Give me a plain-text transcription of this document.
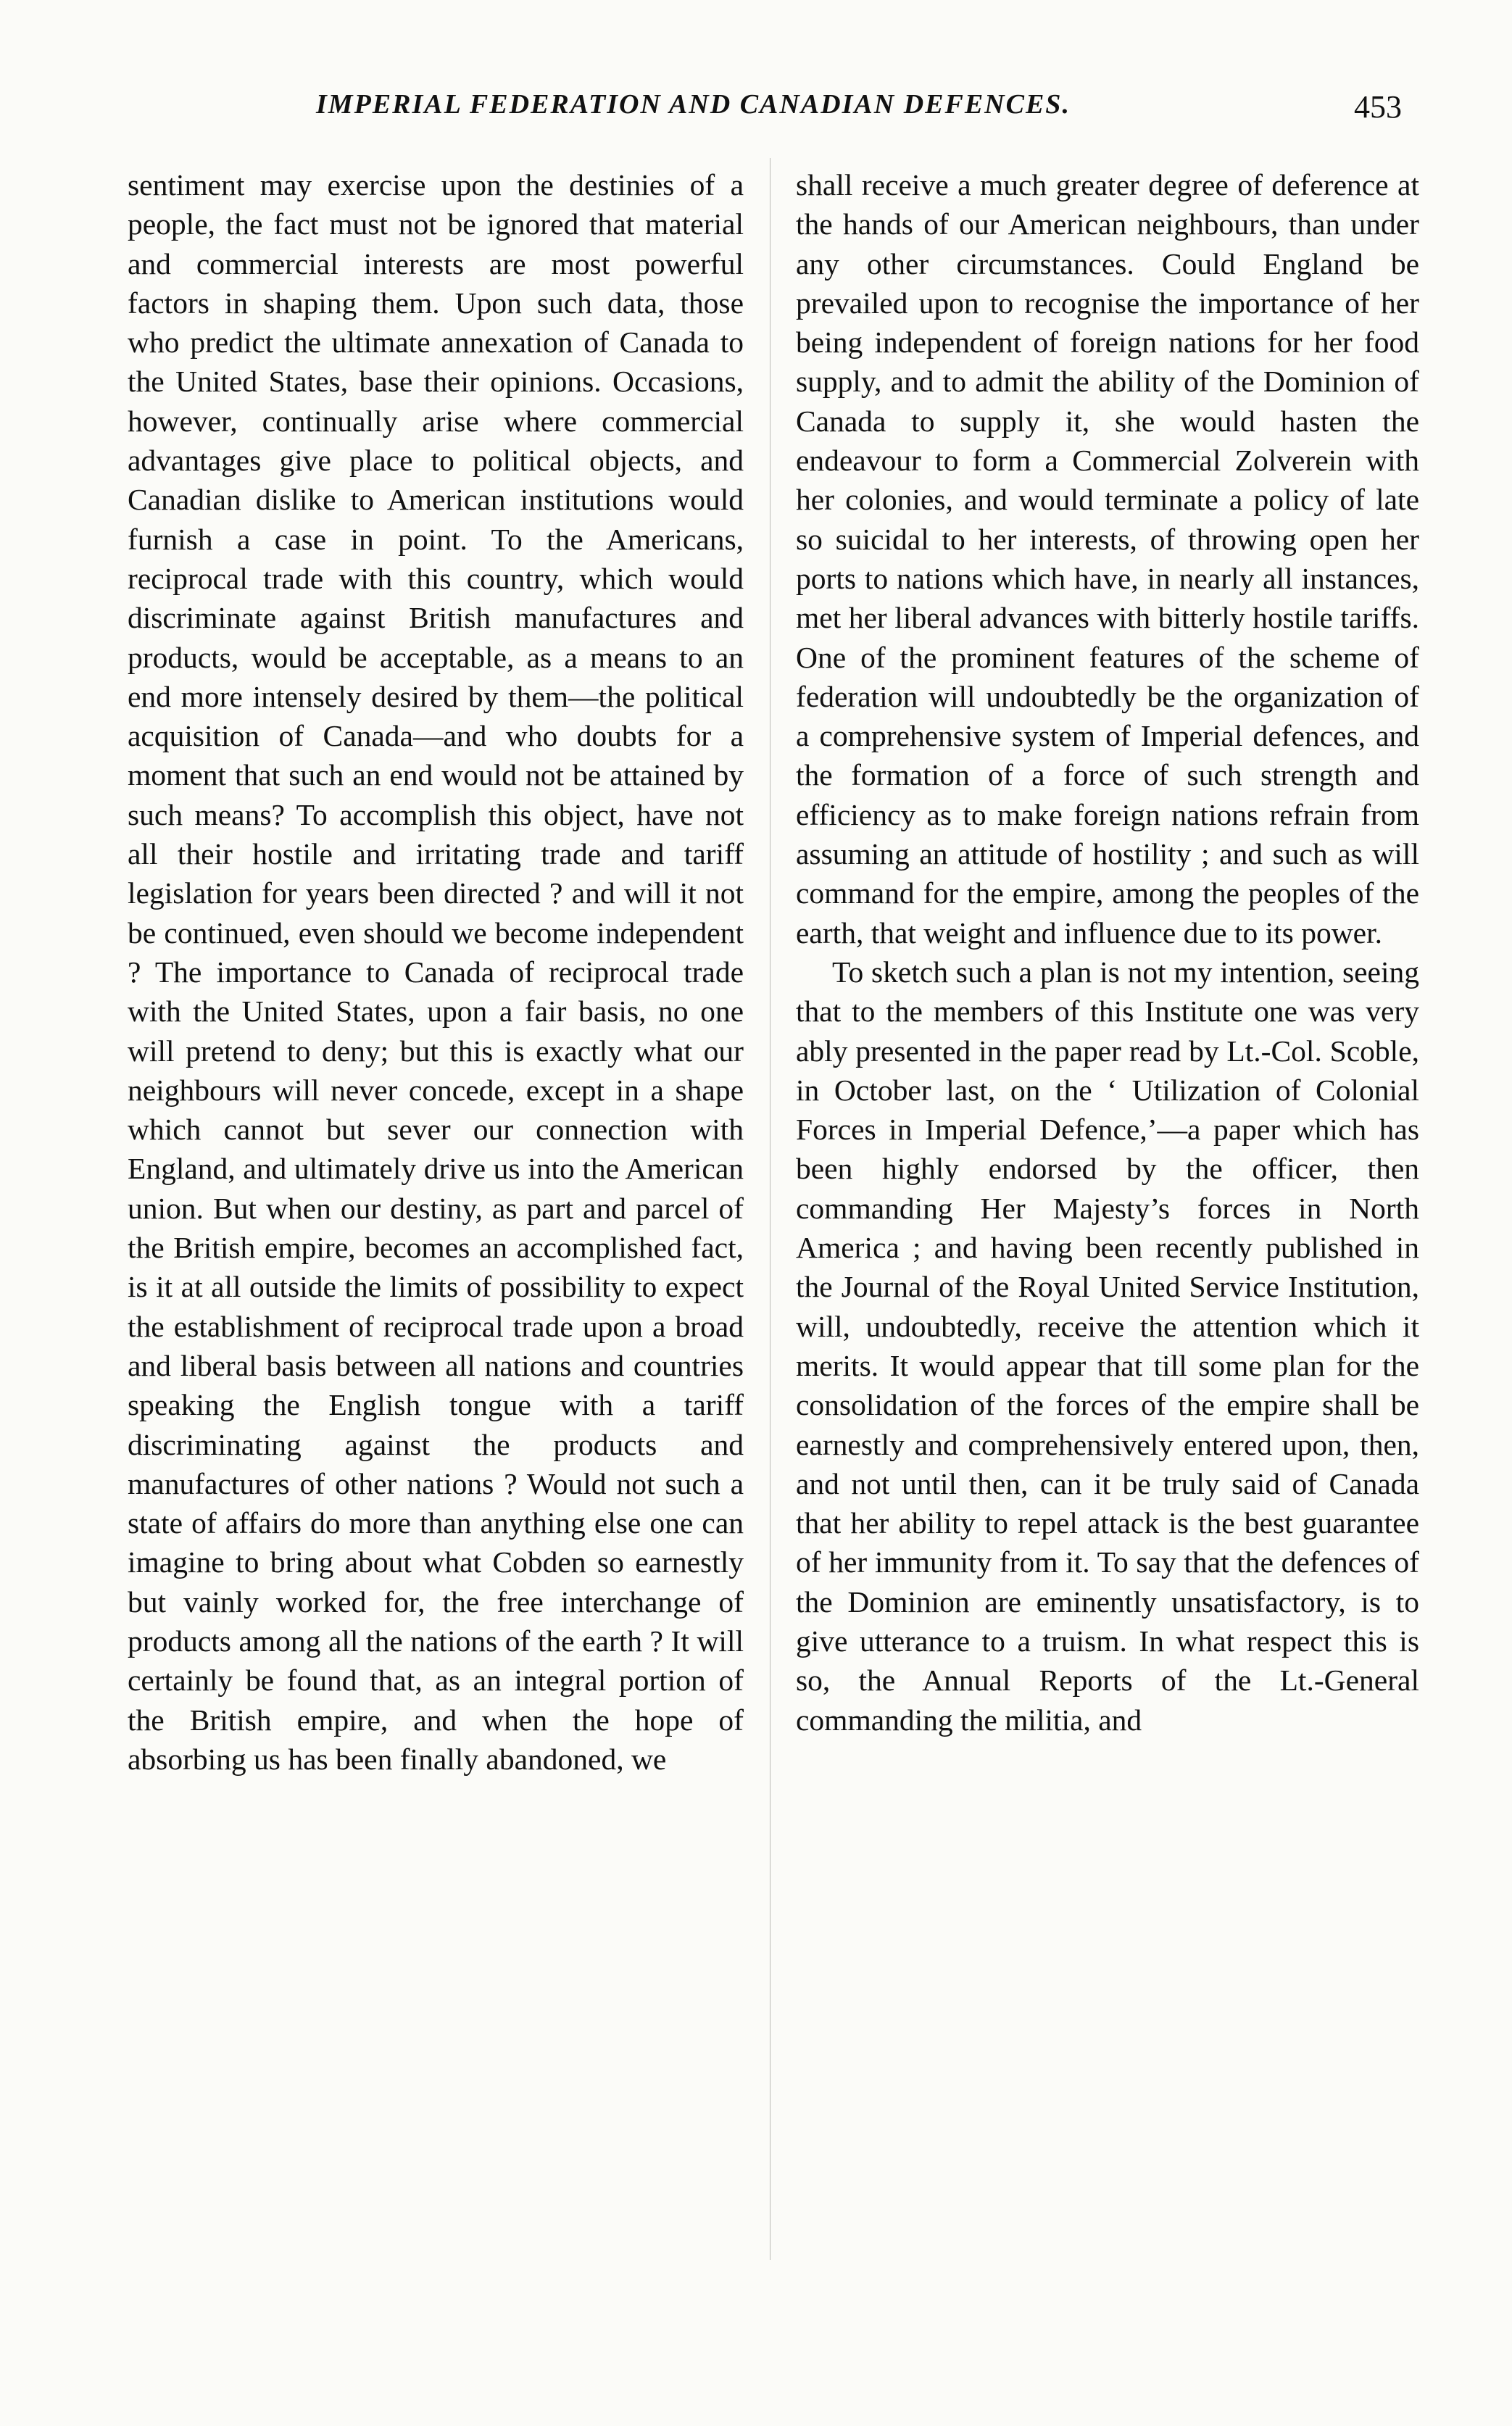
IMPERIAL FEDERATION AND CANADIAN DEFENCES.	453

sentiment may exercise upon the destinies of a people, the fact must not be ignored that material and commercial interests are most powerful factors in shaping them. Upon such data, those who predict the ultimate annexation of Canada to the United States, base their opinions. Occasions, however, continually arise where commercial advantages give place to political objects, and Canadian dislike to American institutions would furnish a case in point. To the Americans, reciprocal trade with this country, which would discriminate against British manufactures and products, would be acceptable, as a means to an end more intensely desired by them—the political acquisition of Canada—and who doubts for a moment that such an end would not be attained by such means? To accomplish this object, have not all their hostile and irritating trade and tariff legislation for years been directed ? and will it not be continued, even should we become independent ? The importance to Canada of reciprocal trade with the United States, upon a fair basis, no one will pretend to deny; but this is exactly what our neighbours will never concede, except in a shape which cannot but sever our connection with England, and ultimately drive us into the American union. But when our destiny, as part and parcel of the British empire, becomes an accomplished fact, is it at all outside the limits of possibility to expect the establishment of reciprocal trade upon a broad and liberal basis between all nations and countries speaking the English tongue with a tariff discriminating against the products and manufactures of other nations ? Would not such a state of affairs do more than anything else one can imagine to bring about what Cobden so earnestly but vainly worked for, the free interchange of products among all the nations of the earth ? It will certainly be found that, as an integral portion of the British empire, and when the hope of absorbing us has been finally abandoned, we

shall receive a much greater degree of deference at the hands of our American neighbours, than under any other circumstances. Could England be prevailed upon to recognise the importance of her being independent of foreign nations for her food supply, and to admit the ability of the Dominion of Canada to supply it, she would hasten the endeavour to form a Commercial Zolverein with her colonies, and would terminate a policy of late so suicidal to her interests, of throwing open her ports to nations which have, in nearly all instances, met her liberal advances with bitterly hostile tariffs. One of the prominent features of the scheme of federation will undoubtedly be the organization of a comprehensive system of Imperial defences, and the formation of a force of such strength and efficiency as to make foreign nations refrain from assuming an attitude of hostility ; and such as will command for the empire, among the peoples of the earth, that weight and influence due to its power.

To sketch such a plan is not my intention, seeing that to the members of this Institute one was very ably presented in the paper read by Lt.-Col. Scoble, in October last, on the ‘ Utilization of Colonial Forces in Imperial Defence,’—a paper which has been highly endorsed by the officer, then commanding Her Majesty’s forces in North America ; and having been recently published in the Journal of the Royal United Service Institution, will, undoubtedly, receive the attention which it merits. It would appear that till some plan for the consolidation of the forces of the empire shall be earnestly and comprehensively entered upon, then, and not until then, can it be truly said of Canada that her ability to repel attack is the best guarantee of her immunity from it. To say that the defences of the Dominion are eminently unsatisfactory, is to give utterance to a truism. In what respect this is so, the Annual Reports of the Lt.-General commanding the militia, and
